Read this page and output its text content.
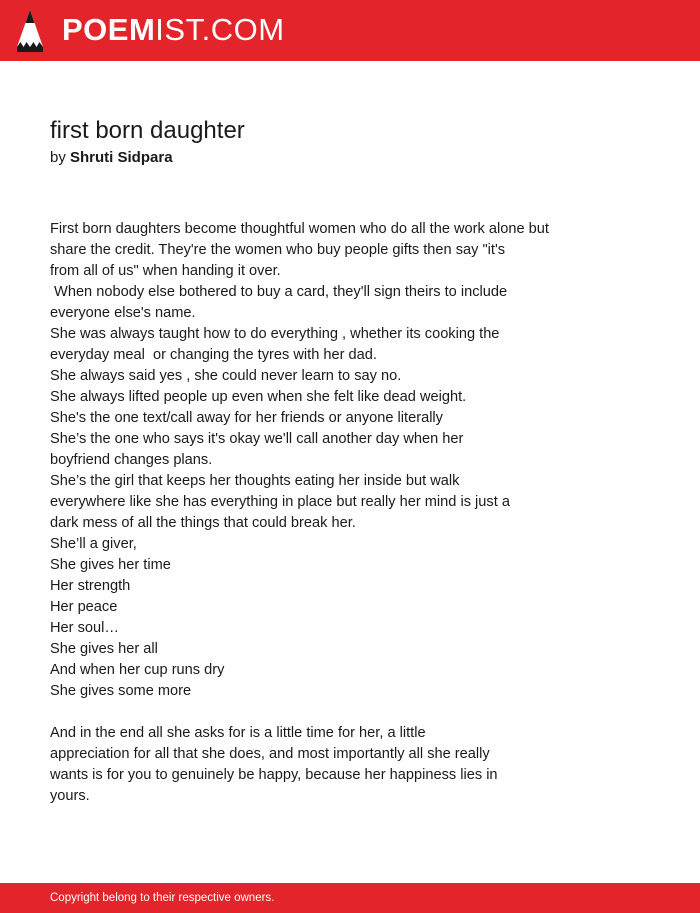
POEMIST.COM
first born daughter
by Shruti Sidpara
First born daughters become thoughtful women who do all the work alone but
share the credit. They're the women who buy people gifts then say "it's
from all of us" when handing it over.
When nobody else bothered to buy a card, they'll sign theirs to include
everyone else's name.
She was always taught how to do everything , whether its cooking the
everyday meal  or changing the tyres with her dad.
She always said yes , she could never learn to say no.
She always lifted people up even when she felt like dead weight.
She's the one text/call away for her friends or anyone literally
She’s the one who says it's okay we'll call another day when her
boyfriend changes plans.
She’s the girl that keeps her thoughts eating her inside but walk
everywhere like she has everything in place but really her mind is just a
dark mess of all the things that could break her.
She’ll a giver,
She gives her time
Her strength
Her peace
Her soul…
She gives her all
And when her cup runs dry
She gives some more
And in the end all she asks for is a little time for her, a little
appreciation for all that she does, and most importantly all she really
wants is for you to genuinely be happy, because her happiness lies in
yours.
Copyright belong to their respective owners.
